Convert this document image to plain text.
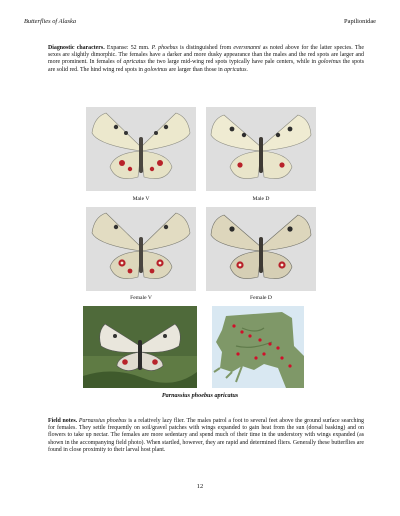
Butterflies of Alaska	Papilionidae

Diagnostic characters. Expanse: 52 mm. P. phoebus is distinguished from eversmanni as noted above for the latter species. The sexes are slightly dimorphic. The females have a darker and more dusky appearance than the males and the red spots are larger and more prominent. In females of apricatus the two large mid-wing red spots typically have pale centers, while in golovinus the spots are solid red. The hind wing red spots in golovinus are larger than those in apricatus.

Male V	Male D
Female V	Female D
Parnassius phoebus apricatus

Field notes. Parnassius phoebus is a relatively lazy flier. The males patrol a foot to several feet above the ground surface searching for females. They settle frequently on soil/gravel patches with wings expanded to gain heat from the sun (dorsal basking) and on flowers to take up nectar. The females are more sedentary and spend much of their time in the understory with wings expanded (as shown in the accompanying field photo). When startled, however, they are rapid and determined fliers. Generally these butterflies are found in close proximity to their larval host plant.

12
